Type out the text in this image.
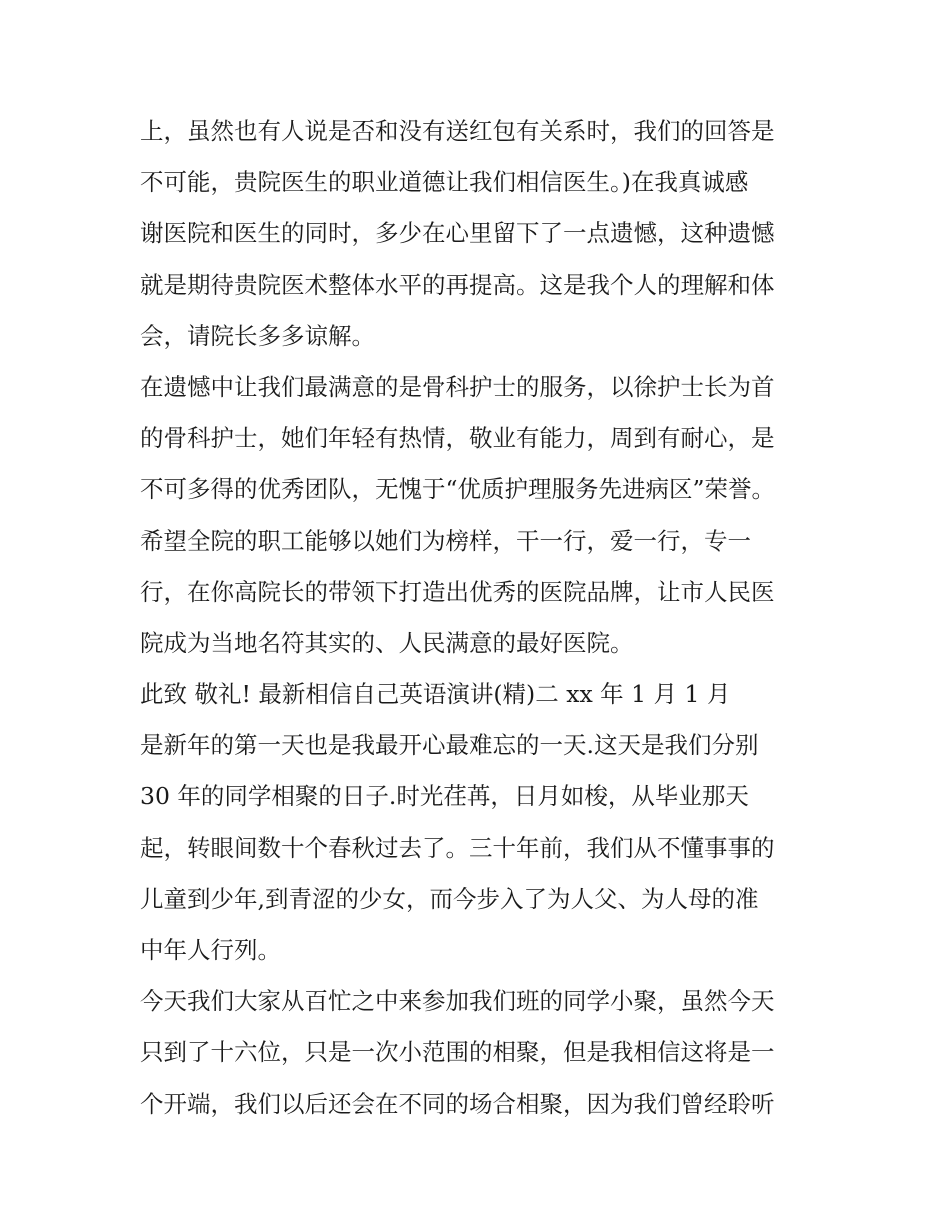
上，虽然也有人说是否和没有送红包有关系时，我们的回答是
不可能，贵院医生的职业道德让我们相信医生。)在我真诚感
谢医院和医生的同时，多少在心里留下了一点遗憾，这种遗憾
就是期待贵院医术整体水平的再提高。这是我个人的理解和体
会，请院长多多谅解。
在遗憾中让我们最满意的是骨科护士的服务，以徐护士长为首
的骨科护士，她们年轻有热情，敬业有能力，周到有耐心，是
不可多得的优秀团队，无愧于“优质护理服务先进病区”荣誉。
希望全院的职工能够以她们为榜样，干一行，爱一行，专一
行，在你高院长的带领下打造出优秀的医院品牌，让市人民医
院成为当地名符其实的、人民满意的最好医院。
此致 敬礼! 最新相信自己英语演讲(精)二 xx 年 1 月 1 月
是新年的第一天也是我最开心最难忘的一天.这天是我们分别
30 年的同学相聚的日子.时光荏苒，日月如梭，从毕业那天
起，转眼间数十个春秋过去了。三十年前，我们从不懂事事的
儿童到少年,到青涩的少女，而今步入了为人父、为人母的准
中年人行列。
今天我们大家从百忙之中来参加我们班的同学小聚，虽然今天
只到了十六位，只是一次小范围的相聚，但是我相信这将是一
个开端，我们以后还会在不同的场合相聚，因为我们曾经聆听
